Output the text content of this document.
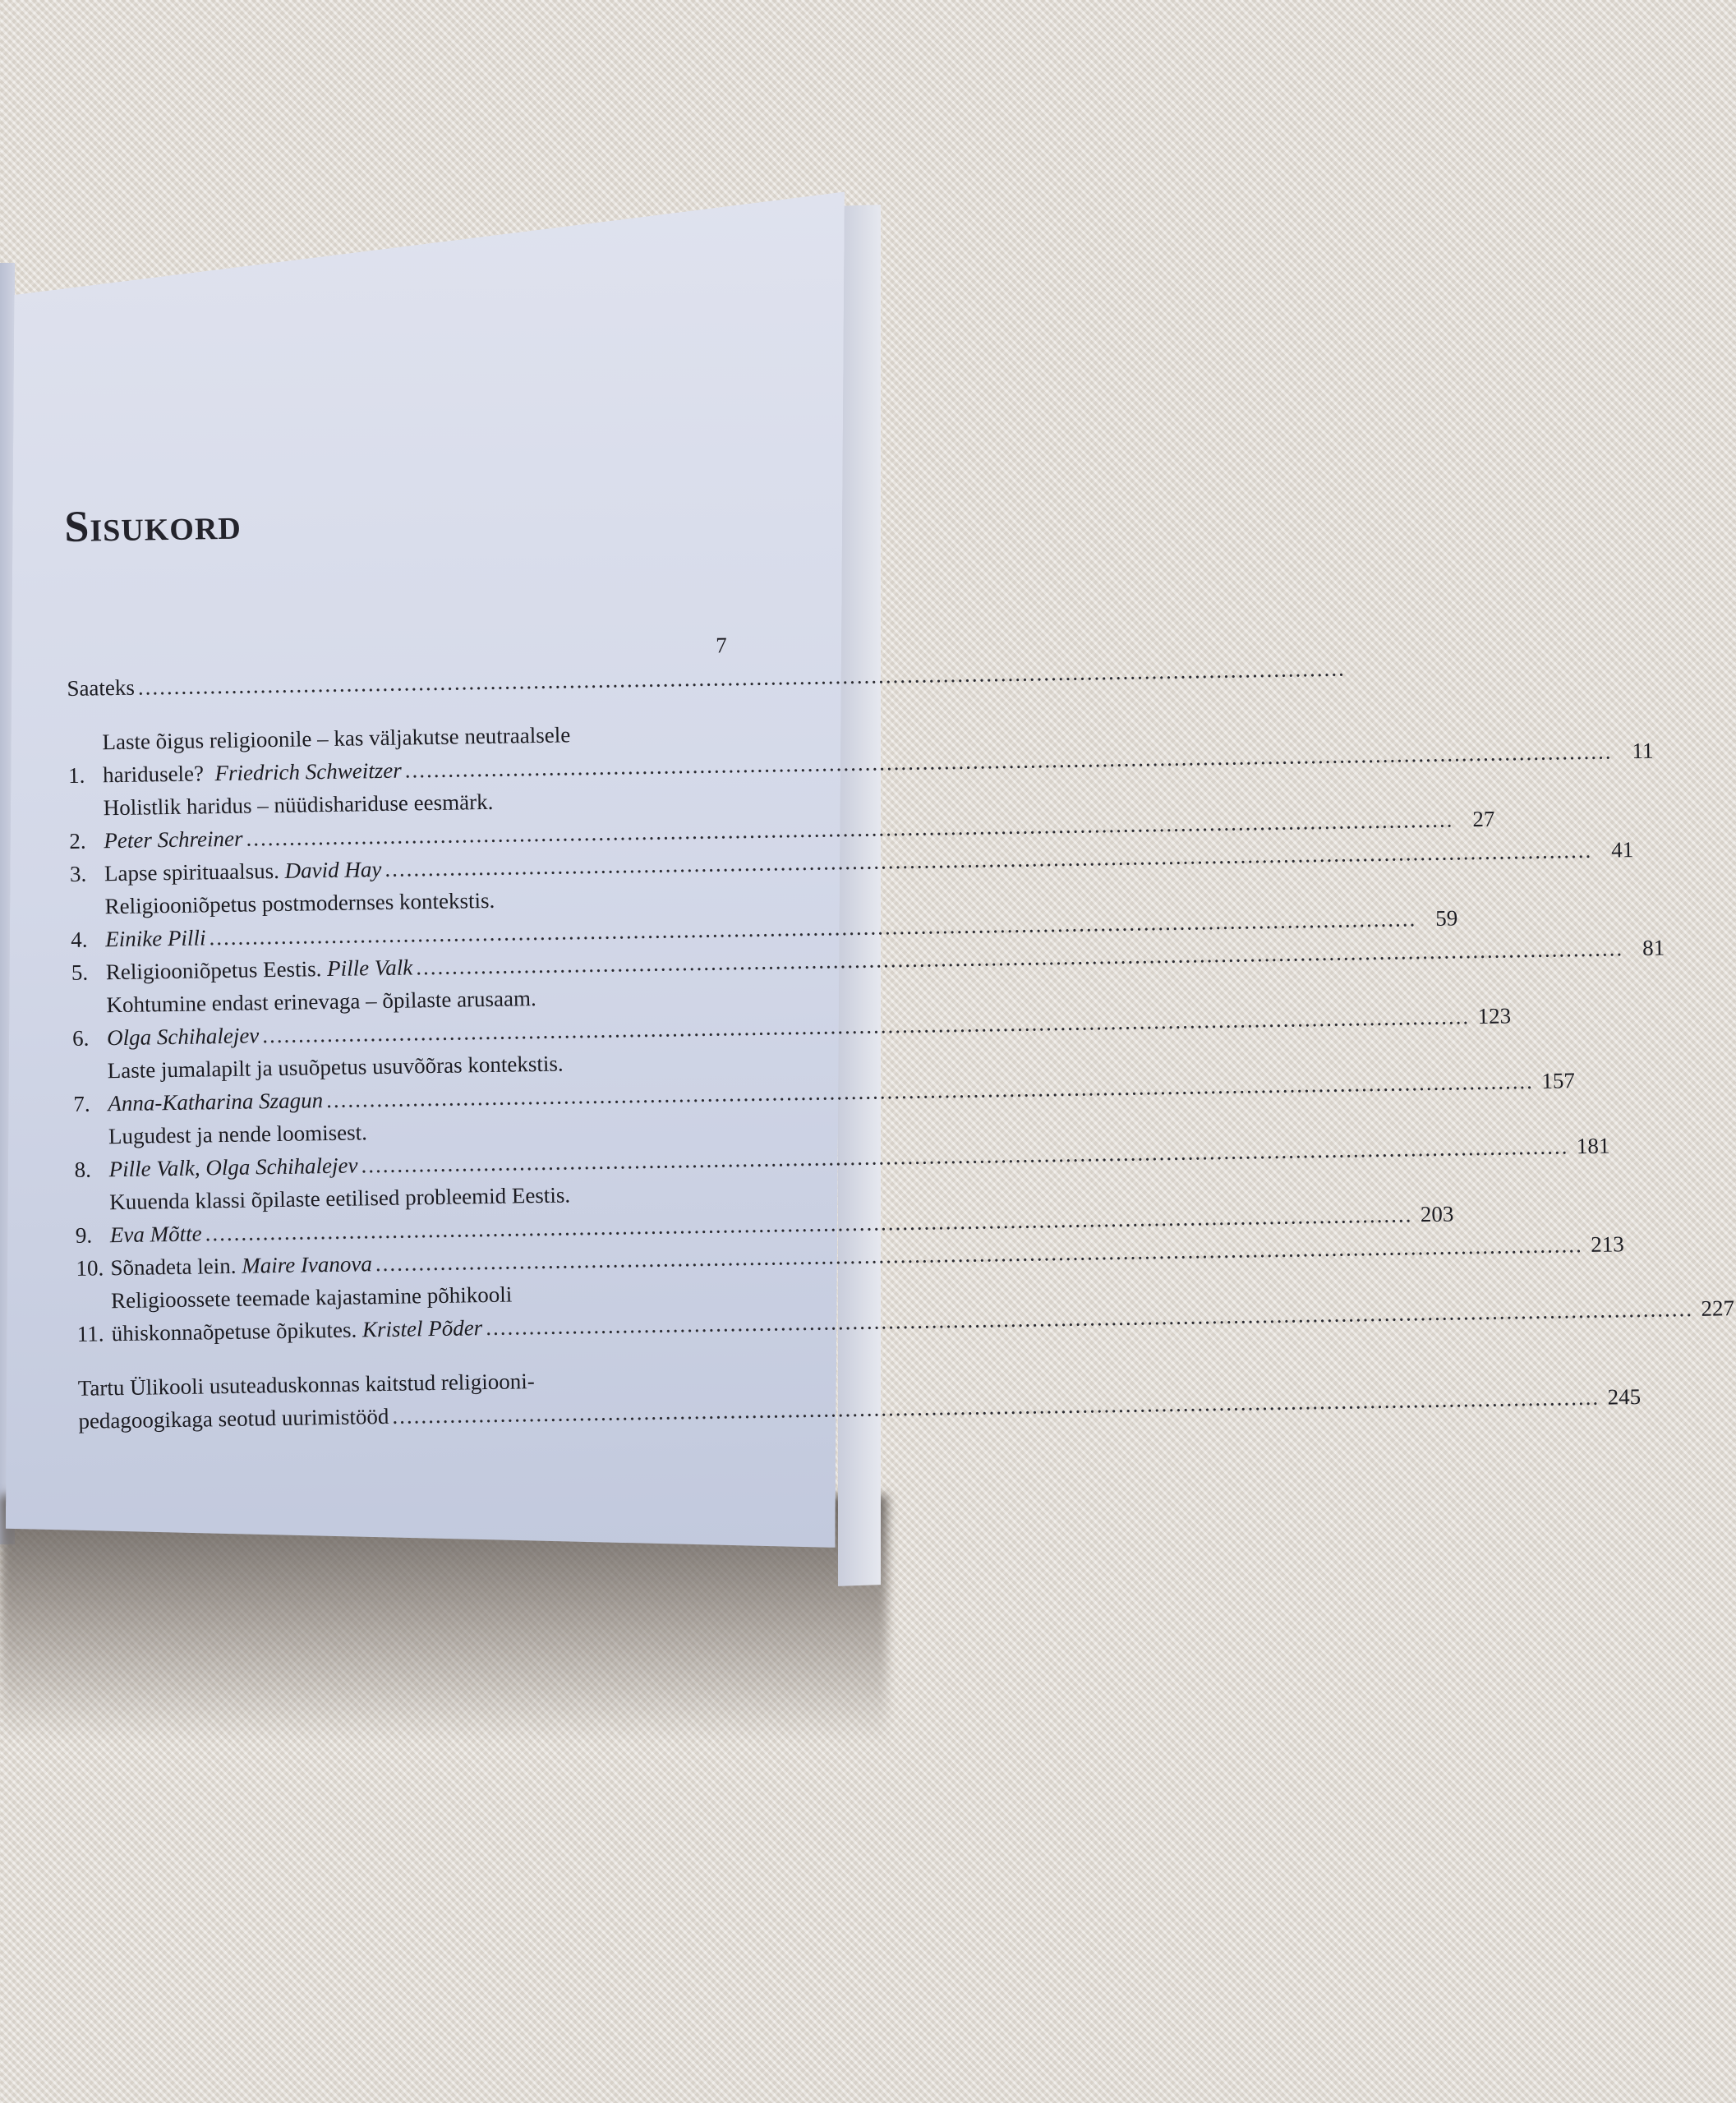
Sisukord
7
Saateks
.....
1.
Laste õigus religioonile – kas väljakutse neutraalsele
haridusele? Friedrich Schweitzer
.....
11
2.
Holistlik haridus – nüüdishariduse eesmärk.
Peter Schreiner
.....
27
3. Lapse spirituaalsus. David Hay
.....
41
4.
Religiooniõpetus postmodernses kontekstis.
Einike Pilli
.....
59
5. Religiooniõpetus Eestis. Pille Valk
.....
81
6.
Kohtumine endast erinevaga – õpilaste arusaam.
Olga Schihalejev
.....
123
7.
Laste jumalapilt ja usuõpetus usuvõõras kontekstis.
Anna-Katharina Szagun
.....
157
8.
Lugudest ja nende loomisest.
Pille Valk, Olga Schihalejev
.....
181
9.
Kuuenda klassi õpilaste eetilised probleemid Eestis.
Eva Mõtte
.....
203
10. Sõnadeta lein. Maire Ivanova
.....
213
11.
Religioossete teemade kajastamine põhikooli
ühiskonnaõpetuse õpikutes. Kristel Põder
.....
227
Tartu Ülikooli usuteaduskonnas kaitstud religiooni-
pedagoogikaga seotud uurimistööd
.....
245
